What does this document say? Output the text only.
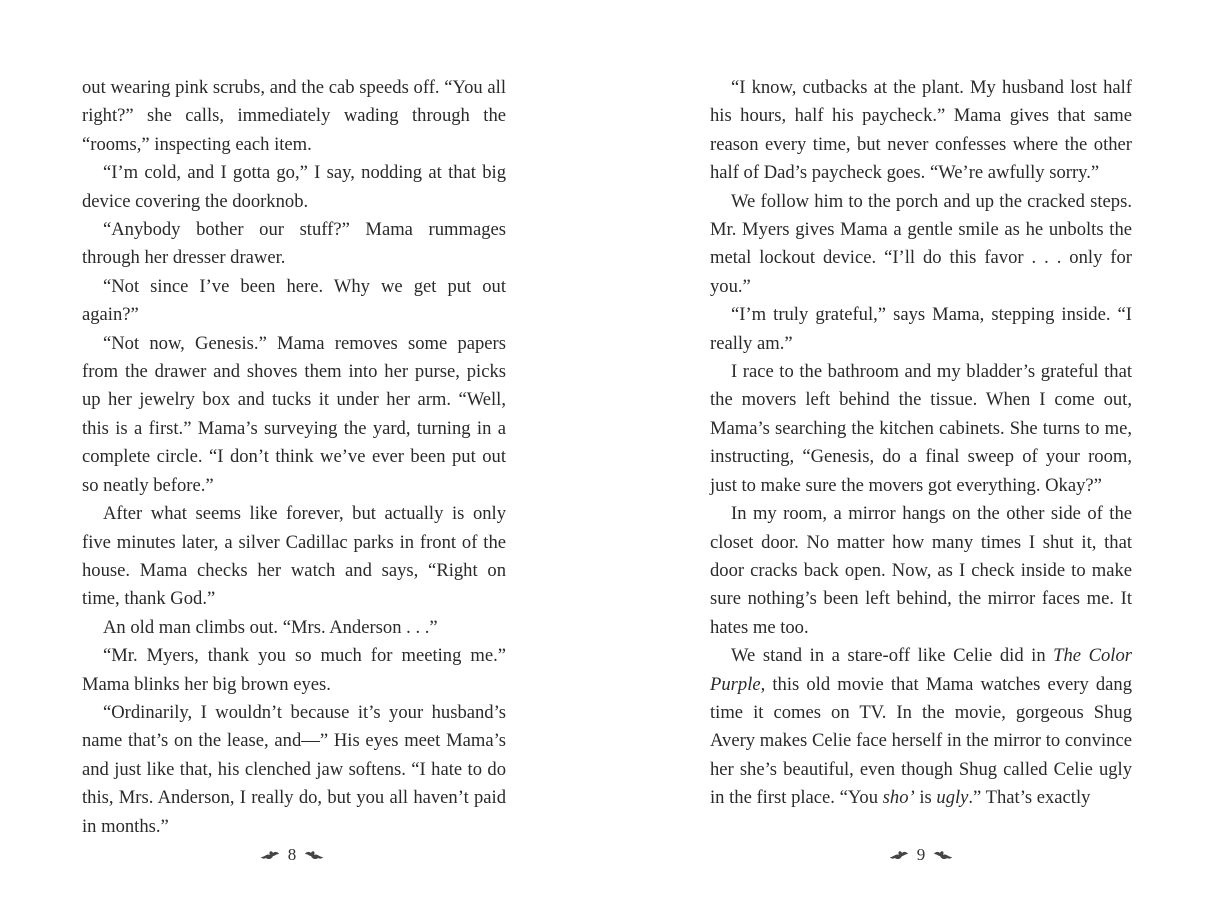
out wearing pink scrubs, and the cab speeds off. “You all right?” she calls, immediately wading through the “rooms,” inspecting each item.

“I’m cold, and I gotta go,” I say, nodding at that big device covering the doorknob.

“Anybody bother our stuff?” Mama rummages through her dresser drawer.

“Not since I’ve been here. Why we get put out again?”

“Not now, Genesis.” Mama removes some papers from the drawer and shoves them into her purse, picks up her jewelry box and tucks it under her arm. “Well, this is a first.” Mama’s surveying the yard, turning in a complete circle. “I don’t think we’ve ever been put out so neatly before.”

After what seems like forever, but actually is only five minutes later, a silver Cadillac parks in front of the house. Mama checks her watch and says, “Right on time, thank God.”

An old man climbs out. “Mrs. Anderson . . .”

“Mr. Myers, thank you so much for meeting me.” Mama blinks her big brown eyes.

“Ordinarily, I wouldn’t because it’s your husband’s name that’s on the lease, and—” His eyes meet Mama’s and just like that, his clenched jaw softens. “I hate to do this, Mrs. Anderson, I really do, but you all haven’t paid in months.”

8

“I know, cutbacks at the plant. My husband lost half his hours, half his paycheck.” Mama gives that same reason every time, but never confesses where the other half of Dad’s paycheck goes. “We’re awfully sorry.”

We follow him to the porch and up the cracked steps. Mr. Myers gives Mama a gentle smile as he unbolts the metal lockout device. “I’ll do this favor . . . only for you.”

“I’m truly grateful,” says Mama, stepping inside. “I really am.”

I race to the bathroom and my bladder’s grateful that the movers left behind the tissue. When I come out, Mama’s searching the kitchen cabinets. She turns to me, instructing, “Genesis, do a final sweep of your room, just to make sure the movers got everything. Okay?”

In my room, a mirror hangs on the other side of the closet door. No matter how many times I shut it, that door cracks back open. Now, as I check inside to make sure nothing’s been left behind, the mirror faces me. It hates me too.

We stand in a stare-off like Celie did in The Color Purple, this old movie that Mama watches every dang time it comes on TV. In the movie, gorgeous Shug Avery makes Celie face herself in the mirror to convince her she’s beautiful, even though Shug called Celie ugly in the first place. “You sho’ is ugly.” That’s exactly

9
